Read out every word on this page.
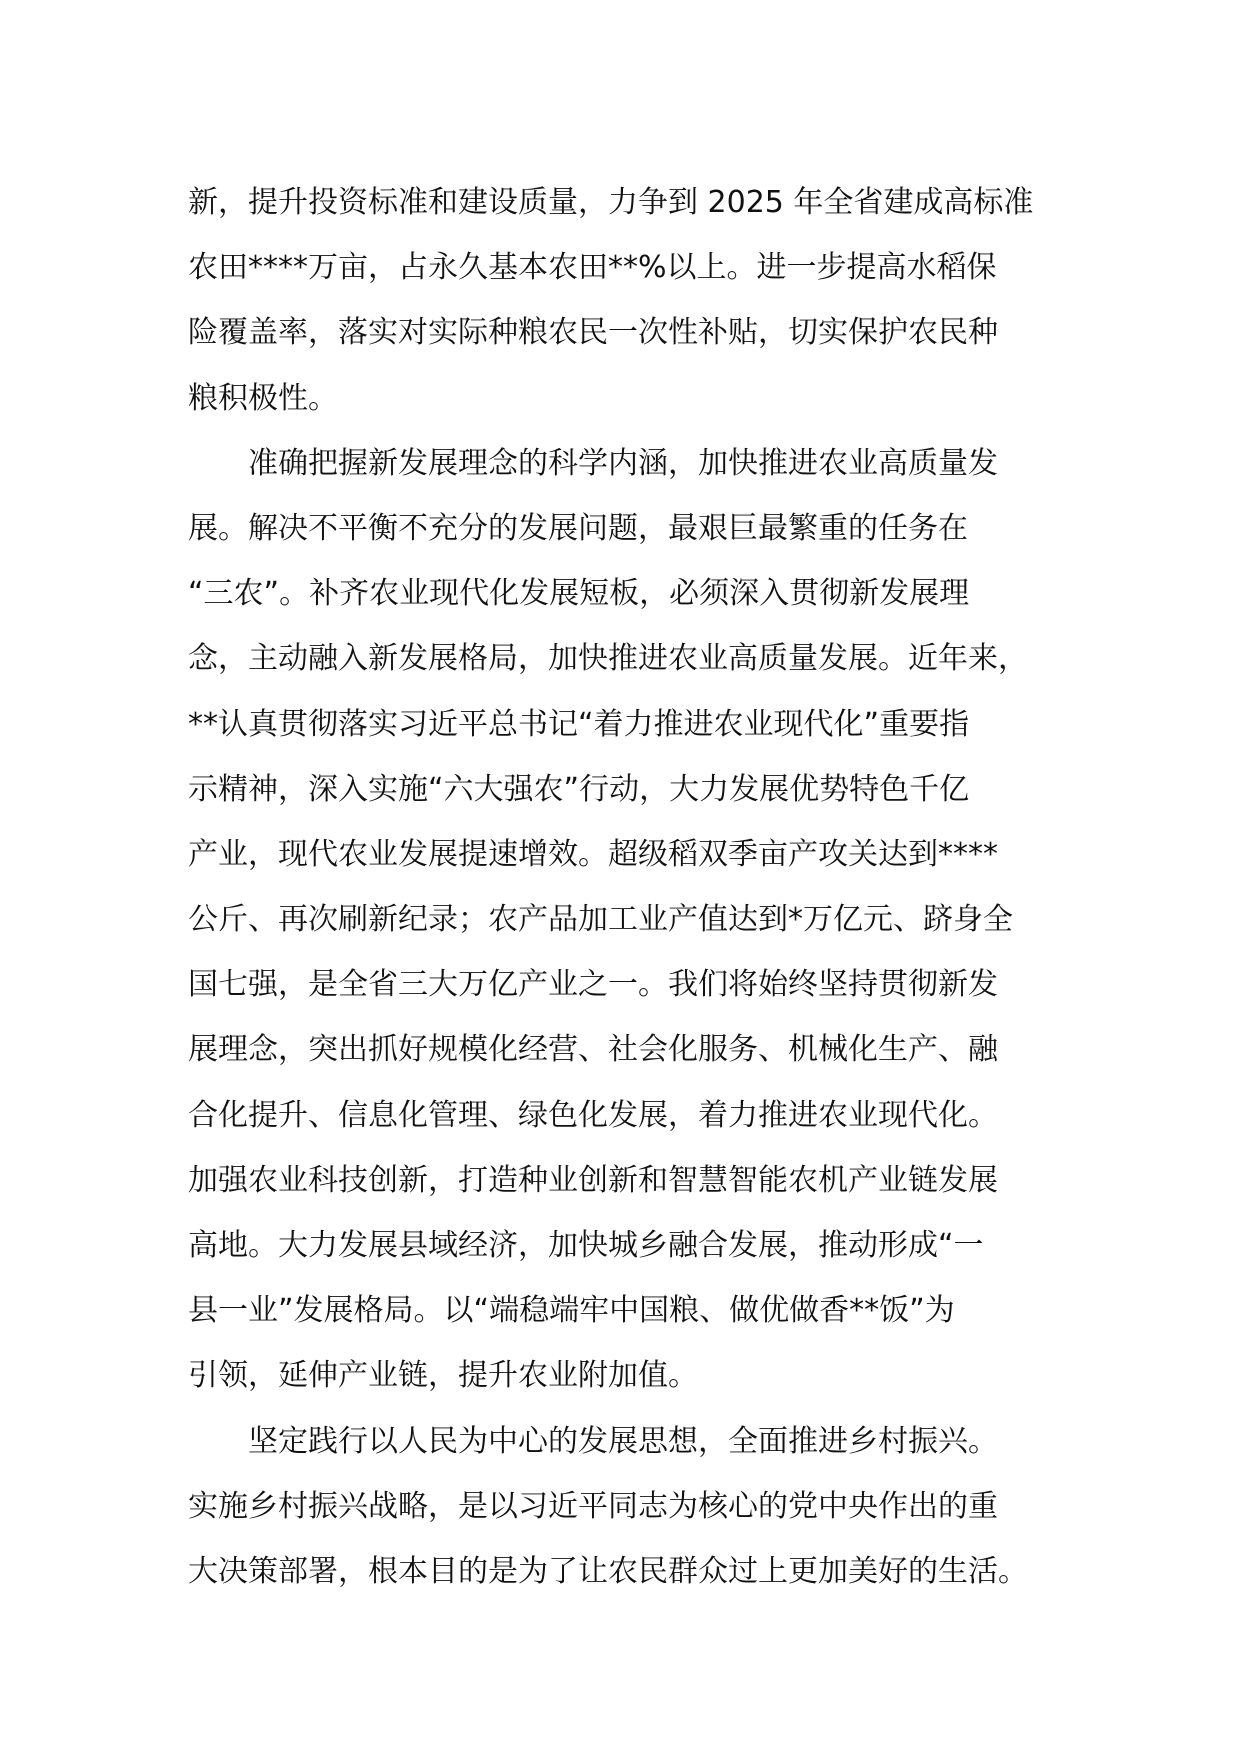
新，提升投资标准和建设质量，力争到 2025 年全省建成高标准
农田****万亩，占永久基本农田**%以上。进一步提高水稻保
险覆盖率，落实对实际种粮农民一次性补贴，切实保护农民种
粮积极性。
　　准确把握新发展理念的科学内涵，加快推进农业高质量发
展。解决不平衡不充分的发展问题，最艰巨最繁重的任务在
“三农”。补齐农业现代化发展短板，必须深入贯彻新发展理
念，主动融入新发展格局，加快推进农业高质量发展。近年来，
**认真贯彻落实习近平总书记“着力推进农业现代化”重要指
示精神，深入实施“六大强农”行动，大力发展优势特色千亿
产业，现代农业发展提速增效。超级稻双季亩产攻关达到****
公斤、再次刷新纪录；农产品加工业产值达到*万亿元、跻身全
国七强，是全省三大万亿产业之一。我们将始终坚持贯彻新发
展理念，突出抓好规模化经营、社会化服务、机械化生产、融
合化提升、信息化管理、绿色化发展，着力推进农业现代化。
加强农业科技创新，打造种业创新和智慧智能农机产业链发展
高地。大力发展县域经济，加快城乡融合发展，推动形成“一
县一业”发展格局。以“端稳端牢中国粮、做优做香**饭”为
引领，延伸产业链，提升农业附加值。
　　坚定践行以人民为中心的发展思想，全面推进乡村振兴。
实施乡村振兴战略，是以习近平同志为核心的党中央作出的重
大决策部署，根本目的是为了让农民群众过上更加美好的生活。
